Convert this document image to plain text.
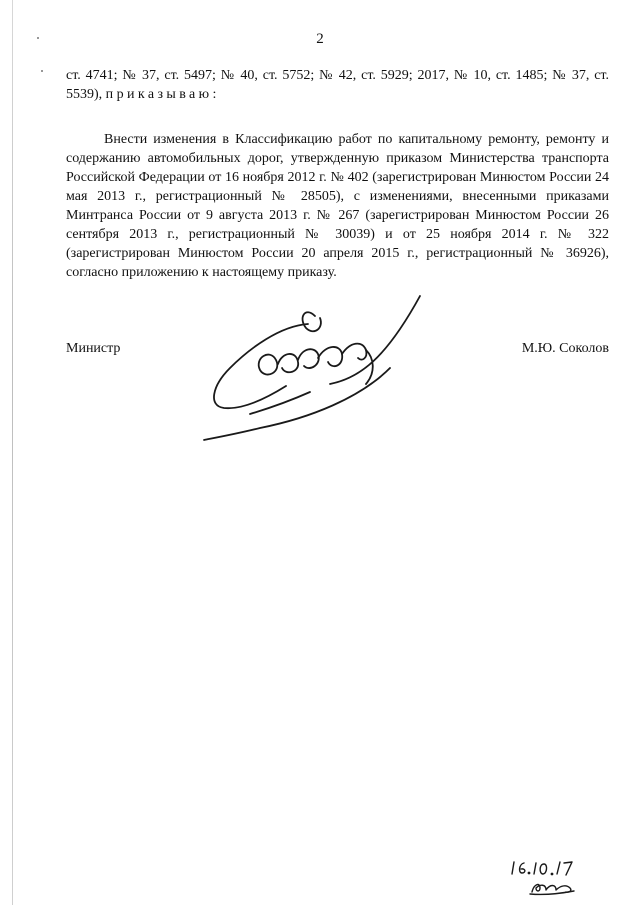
2
ст. 4741; № 37, ст. 5497; № 40, ст. 5752; № 42, ст. 5929; 2017, № 10, ст. 1485; № 37, ст. 5539), приказываю:
Внести изменения в Классификацию работ по капитальному ремонту, ремонту и содержанию автомобильных дорог, утвержденную приказом Министерства транспорта Российской Федерации от 16 ноября 2012 г. № 402 (зарегистрирован Минюстом России 24 мая 2013 г., регистрационный № 28505), с изменениями, внесенными приказами Минтранса России от 9 августа 2013 г. № 267 (зарегистрирован Минюстом России 26 сентября 2013 г., регистрационный № 30039) и от 25 ноября 2014 г. № 322 (зарегистрирован Минюстом России 20 апреля 2015 г., регистрационный № 36926), согласно приложению к настоящему приказу.
Министр	М.Ю. Соколов
